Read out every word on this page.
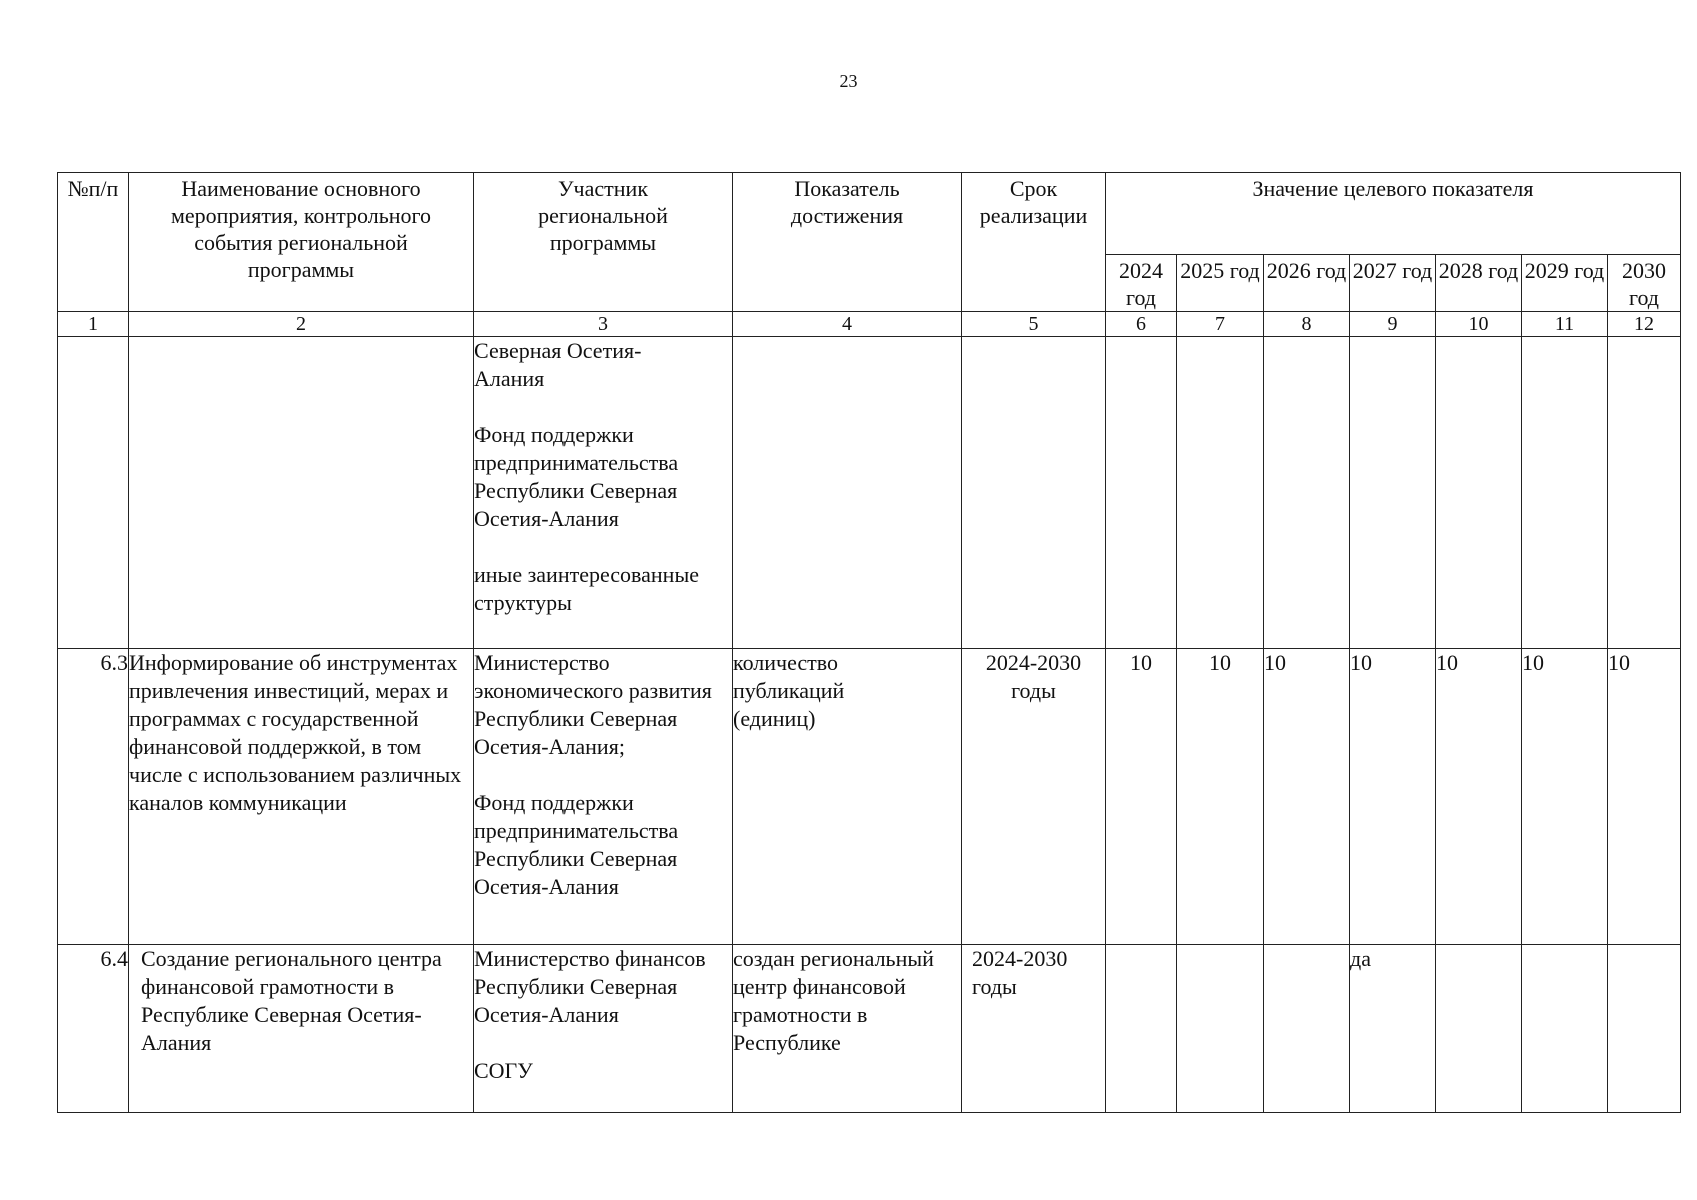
23
№п/п	Наименование основного мероприятия, контрольного события региональной программы	Участник региональной программы	Показатель достижения	Срок реализации	Значение целевого показателя						
					2024 год	2025 год	2026 год	2027 год	2028 год	2029 год	2030 год
1	2	3	4	5	6	7	8	9	10	11	12

		Северная Осетия-Алания
Фонд поддержки предпринимательства Республики Северная Осетия-Алания
иные заинтересованные структуры									

6.3	Информирование об инструментах привлечения инвестиций, мерах и программах с государственной финансовой поддержкой, в том числе с использованием различных каналов коммуникации	Министерство экономического развития Республики Северная Осетия-Алания;
Фонд поддержки предпринимательства Республики Северная Осетия-Алания	количество публикаций (единиц)	2024-2030 годы	10	10	10	10	10	10	10
6.4	Создание регионального центра финансовой грамотности в Республике Северная Осетия-Алания	Министерство финансов Республики Северная Осетия-Алания
СОГУ	создан региональный центр финансовой грамотности в Республике	2024-2030 годы				да			
